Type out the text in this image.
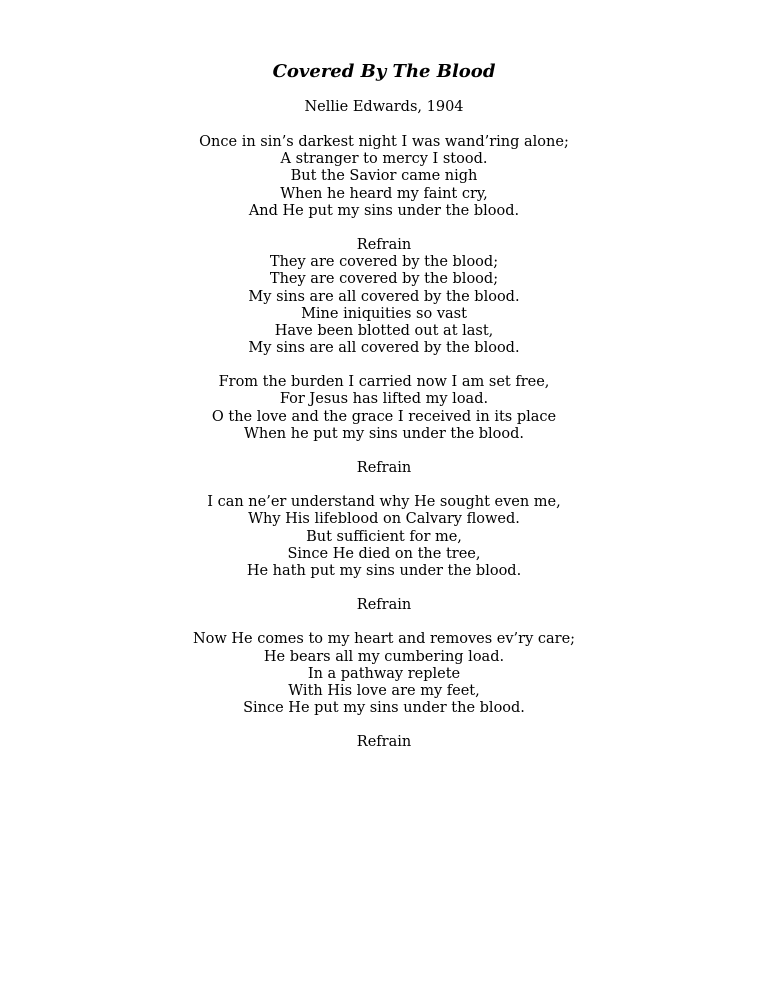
Covered By The Blood

Nellie Edwards, 1904

Once in sin’s darkest night I was wand’ring alone;
A stranger to mercy I stood.
But the Savior came nigh
When he heard my faint cry,
And He put my sins under the blood.
Refrain
They are covered by the blood;
They are covered by the blood;
My sins are all covered by the blood.
Mine iniquities so vast
Have been blotted out at last,
My sins are all covered by the blood.
From the burden I carried now I am set free,
For Jesus has lifted my load.
O the love and the grace I received in its place
When he put my sins under the blood.
Refrain
I can ne’er understand why He sought even me,
Why His lifeblood on Calvary flowed.
But sufficient for me,
Since He died on the tree,
He hath put my sins under the blood.
Refrain
Now He comes to my heart and removes ev’ry care;
He bears all my cumbering load.
In a pathway replete
With His love are my feet,
Since He put my sins under the blood.
Refrain
